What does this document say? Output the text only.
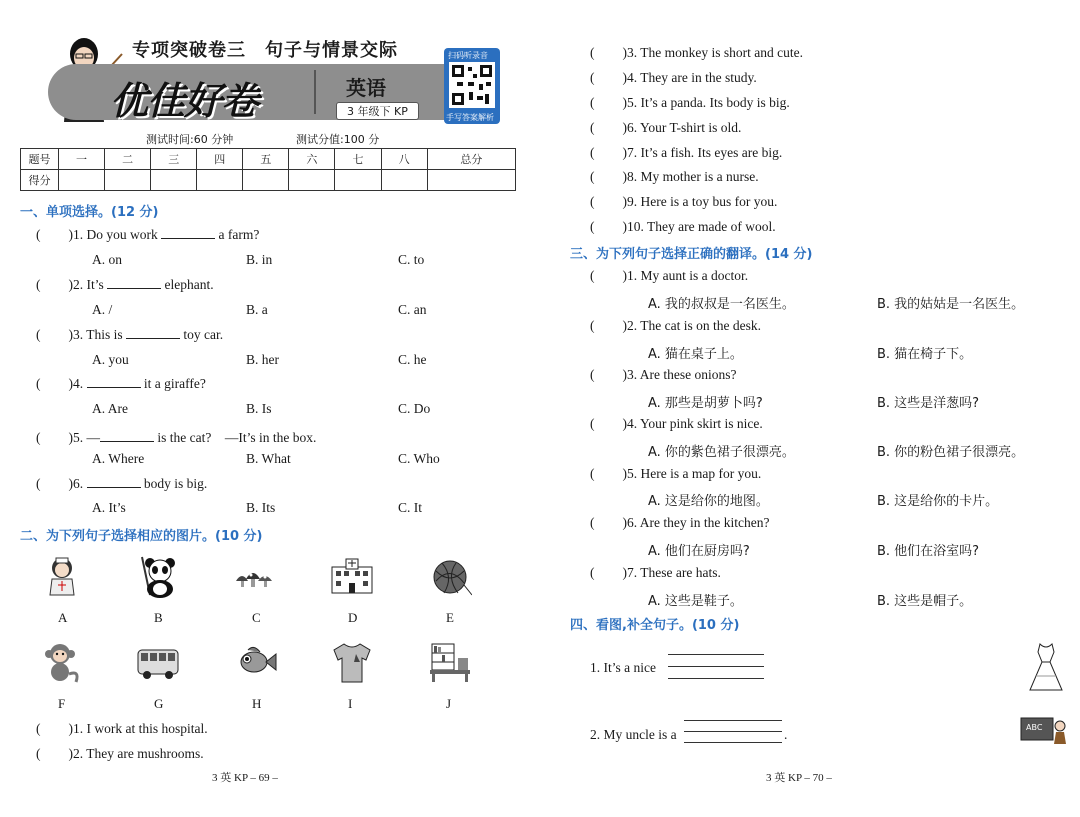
专项突破卷三　句子与情景交际
优佳好卷	英语
3 年级下 KP
扫码听录音
手写答案解析
测试时间:60 分钟	测试分值:100 分
题号	一	二	三	四	五	六	七	八	总分
得分									
一、单项选择。(12 分)
( )1. Do you work	a farm?
A. on	B. in	C. to
( )2. It’s	elephant.
A. /	B. a	C. an
( )3. This is	toy car.
A. you	B. her	C. he
( )4.	it a giraffe?
A. Are	B. Is	C. Do
( )5. —	is the cat?　—It’s in the box.
A. Where	B. What	C. Who
( )6.	body is big.
A. It’s	B. Its	C. It
二、为下列句子选择相应的图片。(10 分)
A	B	C	D	E
F	G	H	I	J
( )1. I work at this hospital.
( )2. They are mushrooms.
3 英 KP – 69 –
( )3. The monkey is short and cute.
( )4. They are in the study.
( )5. It’s a panda. Its body is big.
( )6. Your T-shirt is old.
( )7. It’s a fish. Its eyes are big.
( )8. My mother is a nurse.
( )9. Here is a toy bus for you.
( )10. They are made of wool.
三、为下列句子选择正确的翻译。(14 分)
( )1. My aunt is a doctor.
A. 我的叔叔是一名医生。	B. 我的姑姑是一名医生。
( )2. The cat is on the desk.
A. 猫在桌子上。	B. 猫在椅子下。
( )3. Are these onions?
A. 那些是胡萝卜吗?	B. 这些是洋葱吗?
( )4. Your pink skirt is nice.
A. 你的紫色裙子很漂亮。	B. 你的粉色裙子很漂亮。
( )5. Here is a map for you.
A. 这是给你的地图。	B. 这是给你的卡片。
( )6. Are they in the kitchen?
A. 他们在厨房吗?	B. 他们在浴室吗?
( )7. These are hats.
A. 这些是鞋子。	B. 这些是帽子。
四、看图,补全句子。(10 分)
1. It’s a nice
2. My uncle is a	.	ABC
3 英 KP – 70 –
